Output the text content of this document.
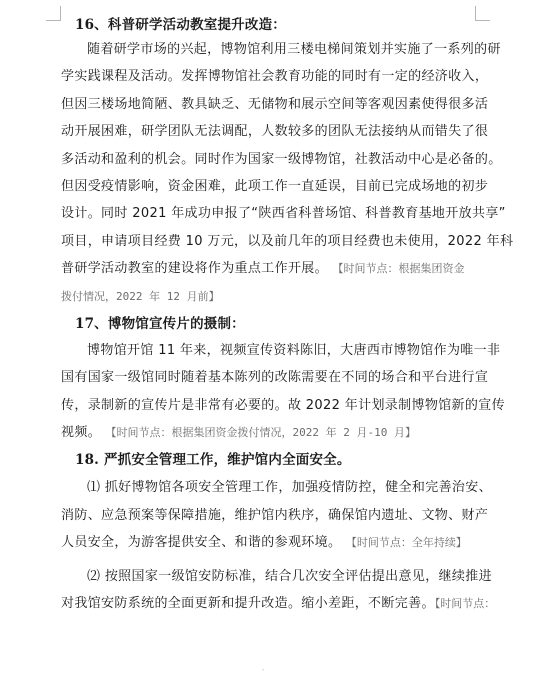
16、科普研学活动教室提升改造：
随着研学市场的兴起，博物馆利用三楼电梯间策划并实施了一系列的研
学实践课程及活动。发挥博物馆社会教育功能的同时有一定的经济收入，
但因三楼场地简陋、教具缺乏、无储物和展示空间等客观因素使得很多活
动开展困难，研学团队无法调配，人数较多的团队无法接纳从而错失了很
多活动和盈利的机会。同时作为国家一级博物馆，社教活动中心是必备的。
但因受疫情影响，资金困难，此项工作一直延误，目前已完成场地的初步
设计。同时 2021 年成功申报了“陕西省科普场馆、科普教育基地开放共享”
项目，申请项目经费 10 万元，以及前几年的项目经费也未使用，2022 年科
普研学活动教室的建设将作为重点工作开展。 【时间节点：根据集团资金
拨付情况，2022 年 12 月前】
17、博物馆宣传片的摄制：
博物馆开馆 11 年来，视频宣传资料陈旧，大唐西市博物馆作为唯一非
国有国家一级馆同时随着基本陈列的改陈需要在不同的场合和平台进行宣
传，录制新的宣传片是非常有必要的。故 2022 年计划录制博物馆新的宣传
视频。 【时间节点：根据集团资金拨付情况，2022 年 2 月-10 月】
18. 严抓安全管理工作，维护馆内全面安全。
⑴ 抓好博物馆各项安全管理工作，加强疫情防控，健全和完善治安、
消防、应急预案等保障措施，维护馆内秩序，确保馆内遗址、文物、财产
人员安全，为游客提供安全、和谐的参观环境。 【时间节点：全年持续】
⑵ 按照国家一级馆安防标准，结合几次安全评估提出意见，继续推进
对我馆安防系统的全面更新和提升改造。缩小差距，不断完善。【时间节点：
-
